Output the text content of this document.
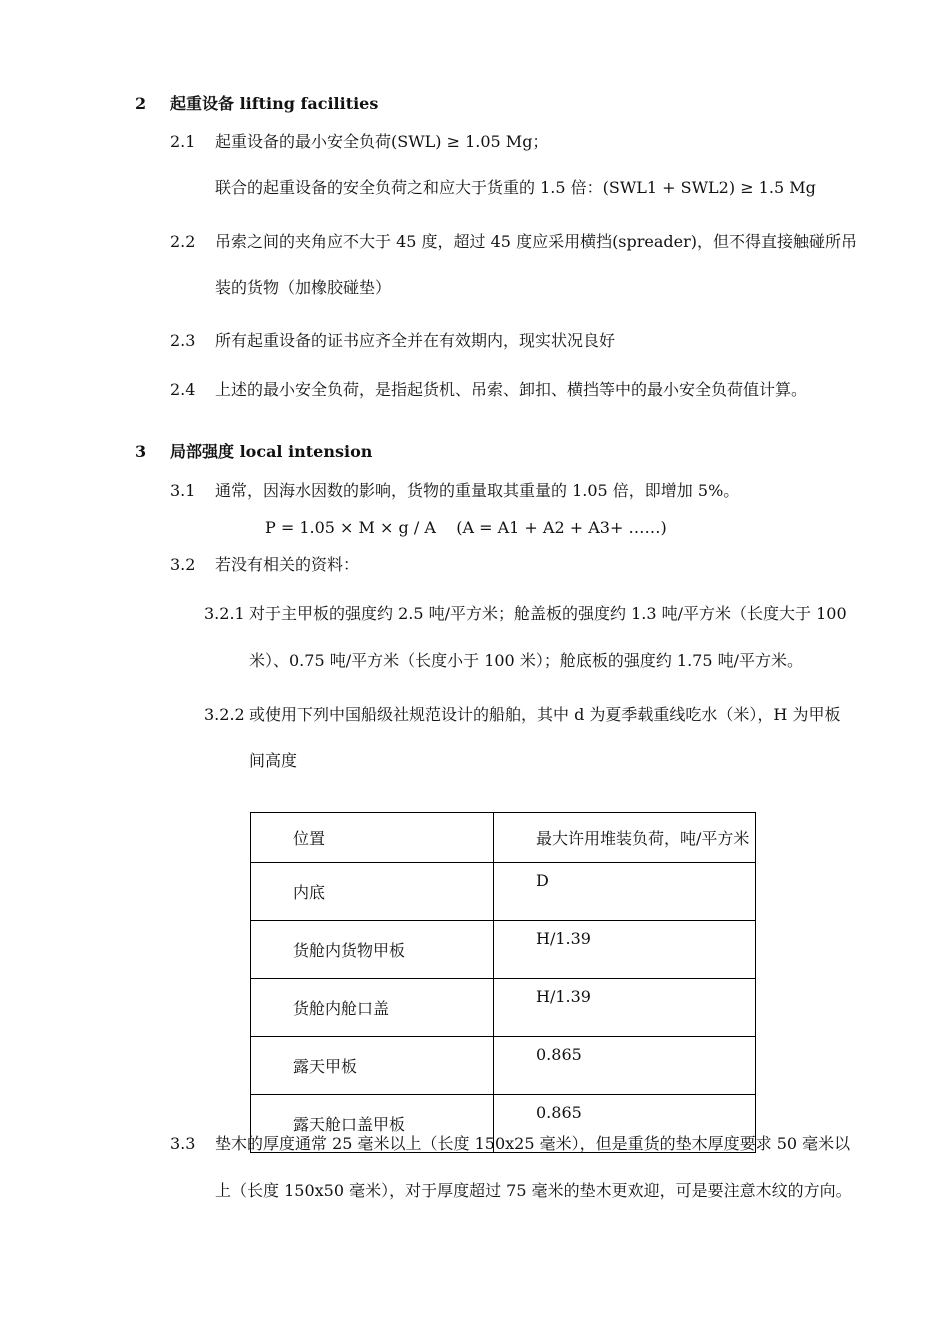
2 起重设备 lifting facilities
2.1 起重设备的最小安全负荷(SWL) ≥ 1.05 Mg；
联合的起重设备的安全负荷之和应大于货重的 1.5 倍：(SWL1 + SWL2) ≥ 1.5 Mg
2.2 吊索之间的夹角应不大于 45 度，超过 45 度应采用横挡(spreader)，但不得直接触碰所吊
装的货物（加橡胶碰垫）
2.3 所有起重设备的证书应齐全并在有效期内，现实状况良好
2.4 上述的最小安全负荷，是指起货机、吊索、卸扣、横挡等中的最小安全负荷值计算。
3 局部强度 local intension
3.1 通常，因海水因数的影响，货物的重量取其重量的 1.05 倍，即增加 5%。
P = 1.05 × M × g / A    (A = A1 + A2 + A3+ ……)
3.2 若没有相关的资料：
3.2.1 对于主甲板的强度约 2.5 吨/平方米；舱盖板的强度约 1.3 吨/平方米（长度大于 100
米）、0.75 吨/平方米（长度小于 100 米）；舱底板的强度约 1.75 吨/平方米。
3.2.2 或使用下列中国船级社规范设计的船舶，其中 d 为夏季载重线吃水（米），H 为甲板
间高度
位置	最大许用堆装负荷，吨/平方米
内底	D
货舱内货物甲板	H/1.39
货舱内舱口盖	H/1.39
露天甲板	0.865
露天舱口盖甲板	0.865
3.3 垫木的厚度通常 25 毫米以上（长度 150x25 毫米），但是重货的垫木厚度要求 50 毫米以
上（长度 150x50 毫米），对于厚度超过 75 毫米的垫木更欢迎，可是要注意木纹的方向。
